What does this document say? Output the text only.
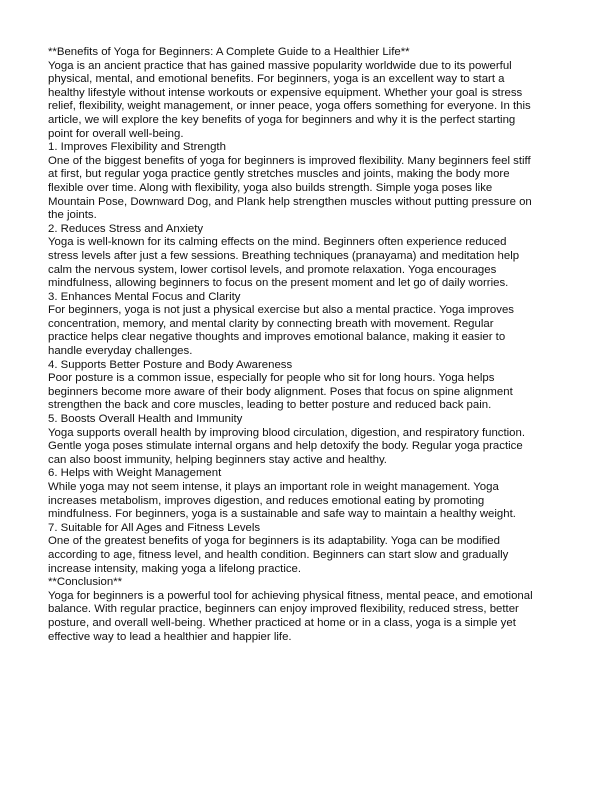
**Benefits of Yoga for Beginners: A Complete Guide to a Healthier Life**
Yoga is an ancient practice that has gained massive popularity worldwide due to its powerful
physical, mental, and emotional benefits. For beginners, yoga is an excellent way to start a
healthy lifestyle without intense workouts or expensive equipment. Whether your goal is stress
relief, flexibility, weight management, or inner peace, yoga offers something for everyone. In this
article, we will explore the key benefits of yoga for beginners and why it is the perfect starting
point for overall well-being.
1. Improves Flexibility and Strength
One of the biggest benefits of yoga for beginners is improved flexibility. Many beginners feel stiff
at first, but regular yoga practice gently stretches muscles and joints, making the body more
flexible over time. Along with flexibility, yoga also builds strength. Simple yoga poses like
Mountain Pose, Downward Dog, and Plank help strengthen muscles without putting pressure on
the joints.
2. Reduces Stress and Anxiety
Yoga is well-known for its calming effects on the mind. Beginners often experience reduced
stress levels after just a few sessions. Breathing techniques (pranayama) and meditation help
calm the nervous system, lower cortisol levels, and promote relaxation. Yoga encourages
mindfulness, allowing beginners to focus on the present moment and let go of daily worries.
3. Enhances Mental Focus and Clarity
For beginners, yoga is not just a physical exercise but also a mental practice. Yoga improves
concentration, memory, and mental clarity by connecting breath with movement. Regular
practice helps clear negative thoughts and improves emotional balance, making it easier to
handle everyday challenges.
4. Supports Better Posture and Body Awareness
Poor posture is a common issue, especially for people who sit for long hours. Yoga helps
beginners become more aware of their body alignment. Poses that focus on spine alignment
strengthen the back and core muscles, leading to better posture and reduced back pain.
5. Boosts Overall Health and Immunity
Yoga supports overall health by improving blood circulation, digestion, and respiratory function.
Gentle yoga poses stimulate internal organs and help detoxify the body. Regular yoga practice
can also boost immunity, helping beginners stay active and healthy.
6. Helps with Weight Management
While yoga may not seem intense, it plays an important role in weight management. Yoga
increases metabolism, improves digestion, and reduces emotional eating by promoting
mindfulness. For beginners, yoga is a sustainable and safe way to maintain a healthy weight.
7. Suitable for All Ages and Fitness Levels
One of the greatest benefits of yoga for beginners is its adaptability. Yoga can be modified
according to age, fitness level, and health condition. Beginners can start slow and gradually
increase intensity, making yoga a lifelong practice.
**Conclusion**
Yoga for beginners is a powerful tool for achieving physical fitness, mental peace, and emotional
balance. With regular practice, beginners can enjoy improved flexibility, reduced stress, better
posture, and overall well-being. Whether practiced at home or in a class, yoga is a simple yet
effective way to lead a healthier and happier life.
